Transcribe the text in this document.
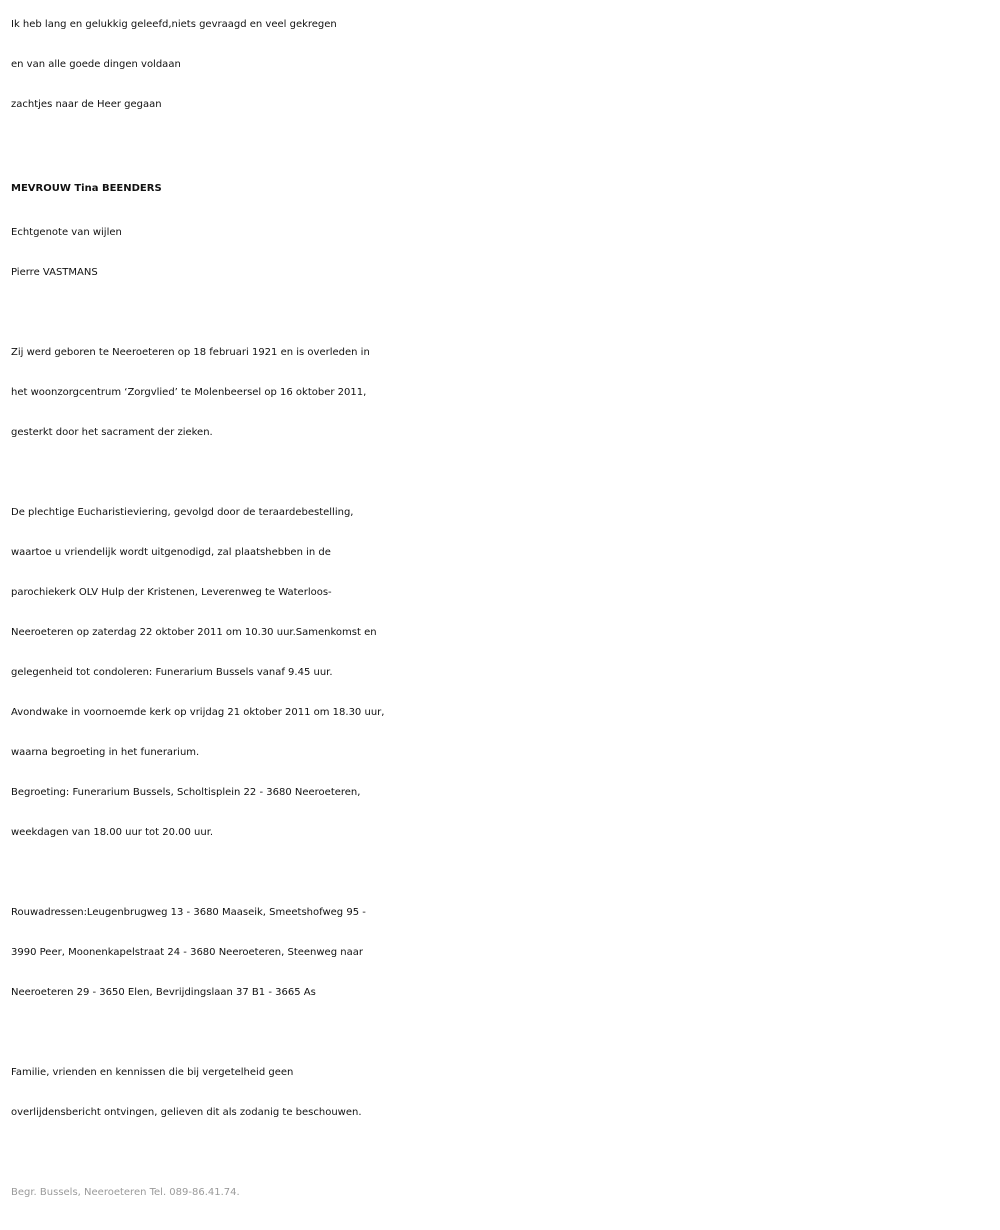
Ik heb lang en gelukkig geleefd,niets gevraagd en veel gekregen
en van alle goede dingen voldaan
zachtjes naar de Heer gegaan
MEVROUW Tina BEENDERS
Echtgenote van wijlen
Pierre VASTMANS
Zij werd geboren te Neeroeteren op 18 februari 1921 en is overleden in
het woonzorgcentrum ‘Zorgvlied’ te Molenbeersel op 16 oktober 2011,
gesterkt door het sacrament der zieken.
De plechtige Eucharistieviering, gevolgd door de teraardebestelling,
waartoe u vriendelijk wordt uitgenodigd, zal plaatshebben in de
parochiekerk OLV Hulp der Kristenen, Leverenweg te Waterloos-
Neeroeteren op zaterdag 22 oktober 2011 om 10.30 uur.Samenkomst en
gelegenheid tot condoleren: Funerarium Bussels vanaf 9.45 uur.
Avondwake in voornoemde kerk op vrijdag 21 oktober 2011 om 18.30 uur,
waarna begroeting in het funerarium.
Begroeting: Funerarium Bussels, Scholtisplein 22 - 3680 Neeroeteren,
weekdagen van 18.00 uur tot 20.00 uur.
Rouwadressen:Leugenbrugweg 13 - 3680 Maaseik, Smeetshofweg 95 -
3990 Peer, Moonenkapelstraat 24 - 3680 Neeroeteren, Steenweg naar
Neeroeteren 29 - 3650 Elen, Bevrijdingslaan 37 B1 - 3665 As
Familie, vrienden en kennissen die bij vergetelheid geen
overlijdensbericht ontvingen, gelieven dit als zodanig te beschouwen.
Begr. Bussels, Neeroeteren Tel. 089-86.41.74.
